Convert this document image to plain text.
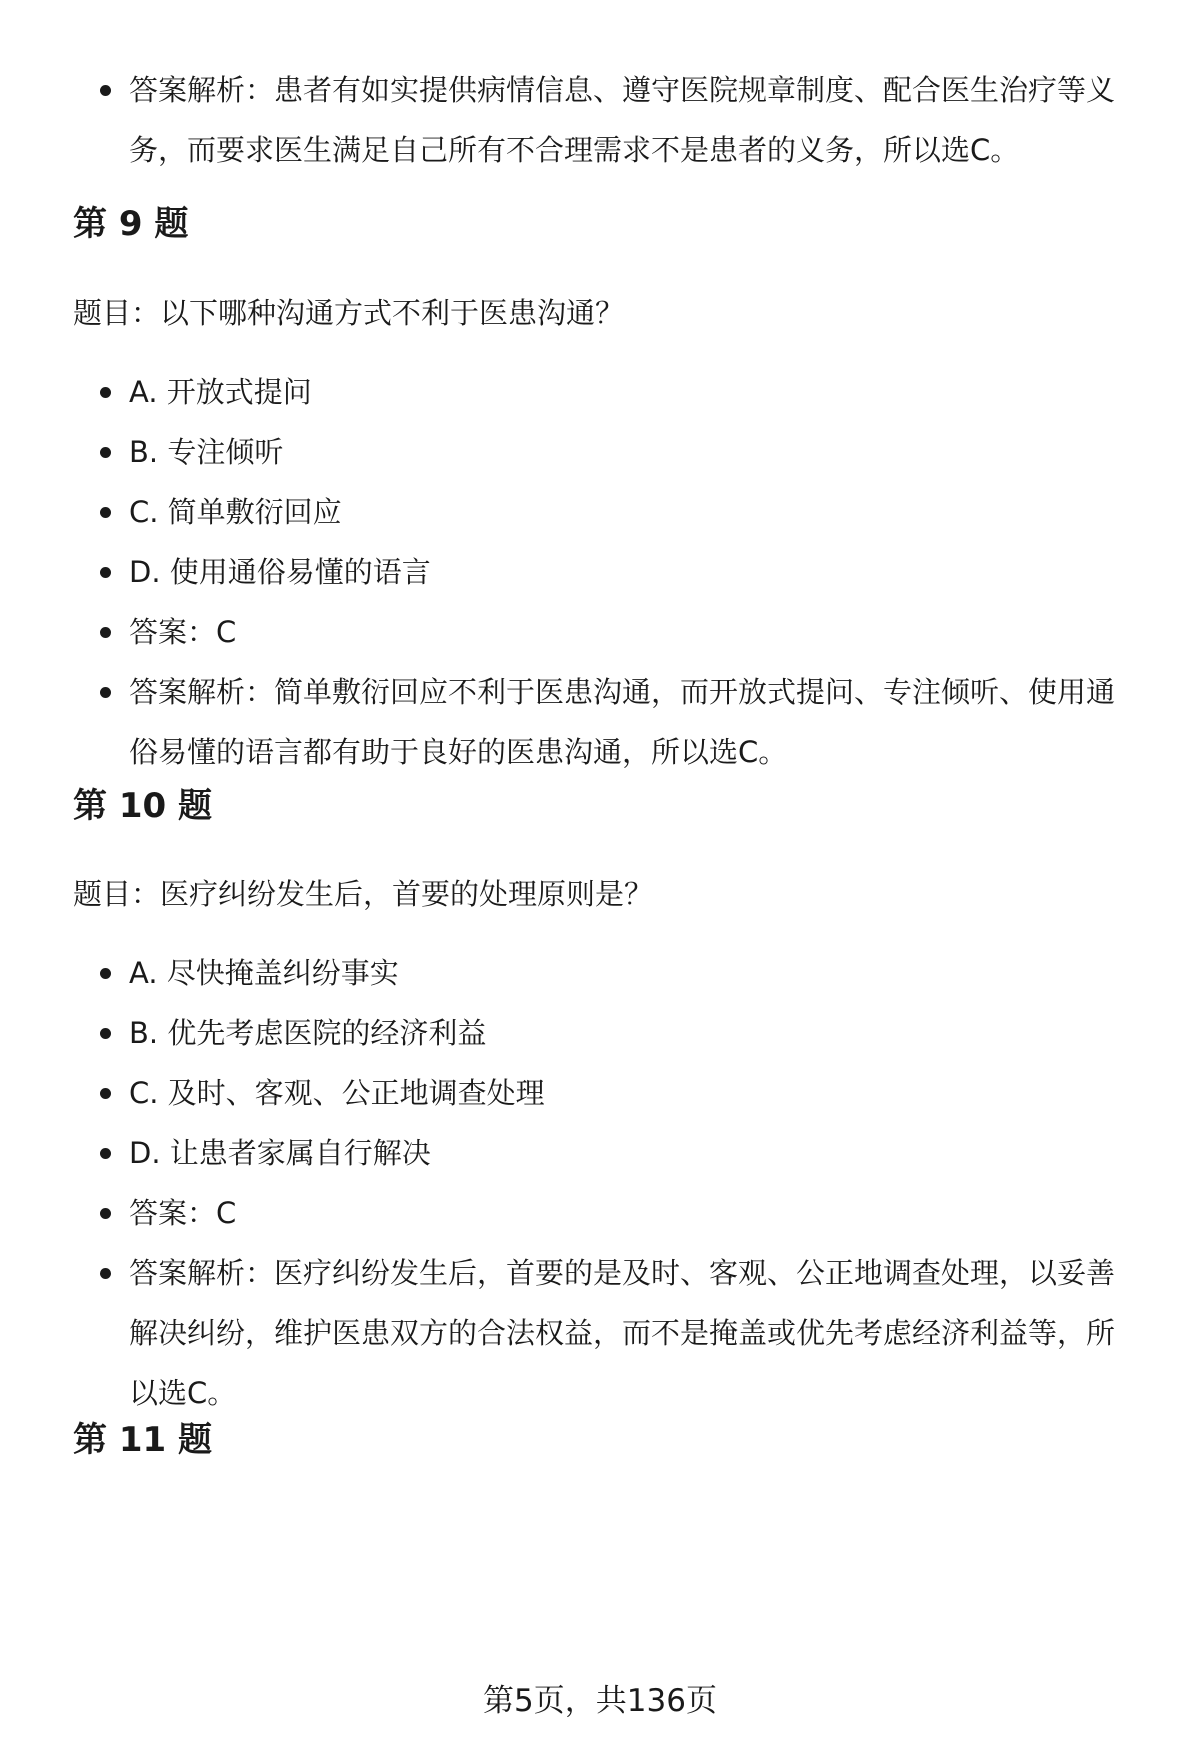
答案解析：患者有如实提供病情信息、遵守医院规章制度、配合医生治疗等义务，而要求医生满足自己所有不合理需求不是患者的义务，所以选C。
第 9 题

题目：以下哪种沟通方式不利于医患沟通？

A. 开放式提问
B. 专注倾听
C. 简单敷衍回应
D. 使用通俗易懂的语言
答案：C
答案解析：简单敷衍回应不利于医患沟通，而开放式提问、专注倾听、使用通俗易懂的语言都有助于良好的医患沟通，所以选C。
第 10 题

题目：医疗纠纷发生后，首要的处理原则是？

A. 尽快掩盖纠纷事实
B. 优先考虑医院的经济利益
C. 及时、客观、公正地调查处理
D. 让患者家属自行解决
答案：C
答案解析：医疗纠纷发生后，首要的是及时、客观、公正地调查处理，以妥善解决纠纷，维护医患双方的合法权益，而不是掩盖或优先考虑经济利益等，所以选C。
第 11 题
第5页，共136页
